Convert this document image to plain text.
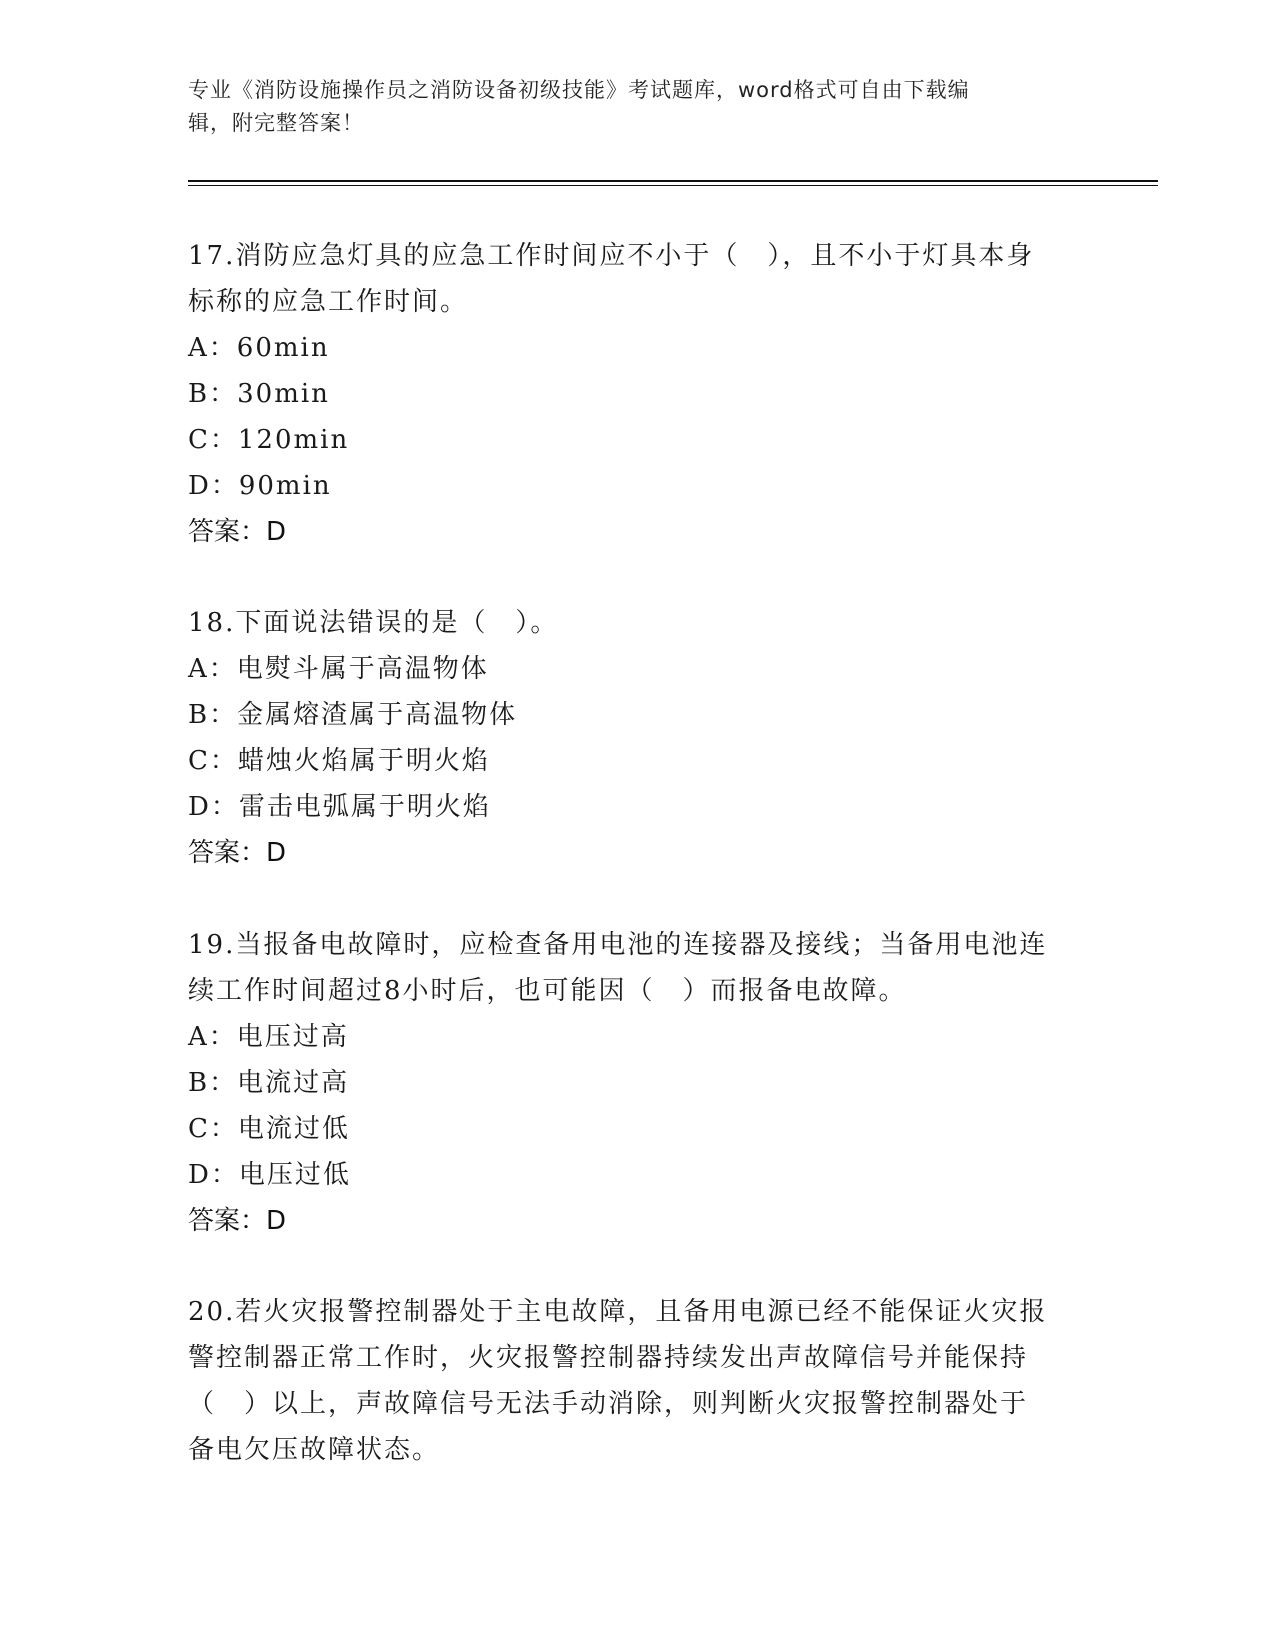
专业《消防设施操作员之消防设备初级技能》考试题库，word格式可自由下载编
辑，附完整答案！

17.消防应急灯具的应急工作时间应不小于（　），且不小于灯具本身

标称的应急工作时间。

A：60min

B：30min

C：120min

D：90min

答案：D

18.下面说法错误的是（　）。

A：电熨斗属于高温物体

B：金属熔渣属于高温物体

C：蜡烛火焰属于明火焰

D：雷击电弧属于明火焰

答案：D

19.当报备电故障时，应检查备用电池的连接器及接线；当备用电池连

续工作时间超过8小时后，也可能因（　）而报备电故障。

A：电压过高

B：电流过高

C：电流过低

D：电压过低

答案：D

20.若火灾报警控制器处于主电故障，且备用电源已经不能保证火灾报

警控制器正常工作时，火灾报警控制器持续发出声故障信号并能保持

（　）以上，声故障信号无法手动消除，则判断火灾报警控制器处于

备电欠压故障状态。
